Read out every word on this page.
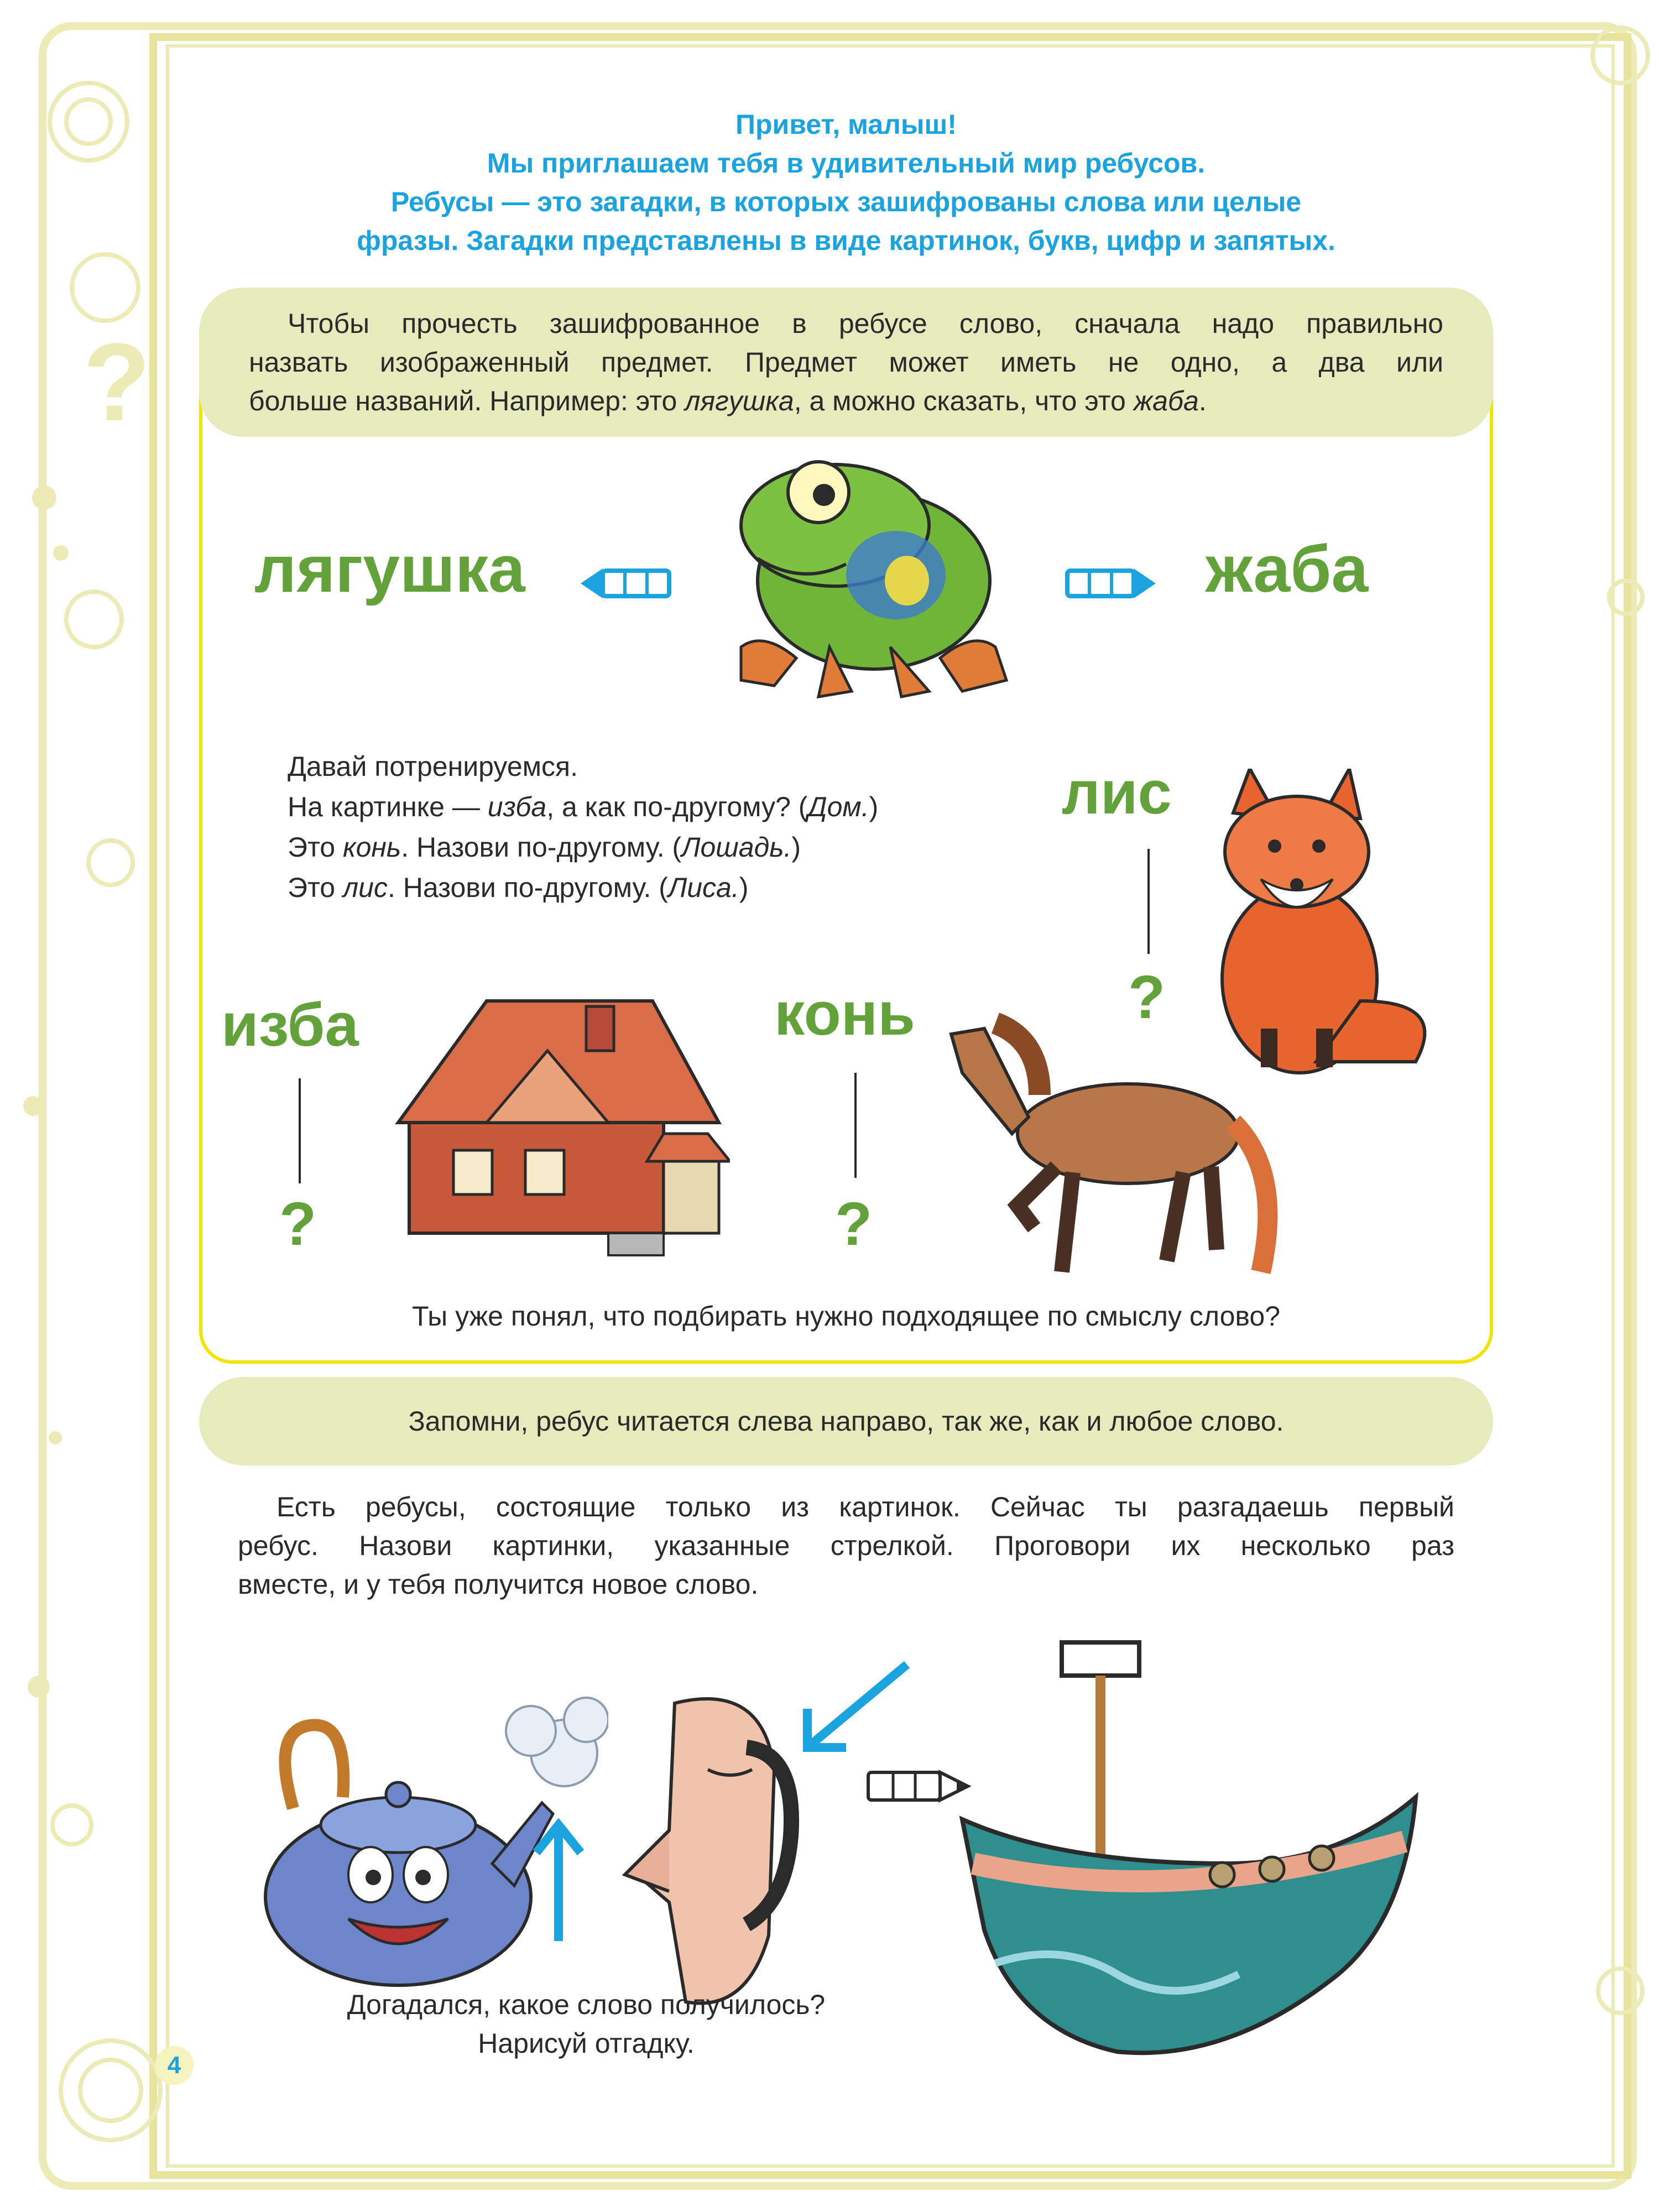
?
Привет, малыш!
Мы приглашаем тебя в удивительный мир ребусов.
Ребусы — это загадки, в которых зашифрованы слова или целые
фразы. Загадки представлены в виде картинок, букв, цифр и запятых.
Чтобы прочесть зашифрованное в ребусе слово, сначала надо правильно
назвать изображенный предмет. Предмет может иметь не одно, а два или
больше названий. Например: это лягушка, а можно сказать, что это жаба.
лягушка	жаба
Давай потренируемся.
На картинке — изба, а как по-другому? (Дом.)
Это конь. Назови по-другому. (Лошадь.)
Это лис. Назови по-другому. (Лиса.)
изба
?
конь
?
лис
?
Ты уже понял, что подбирать нужно подходящее по смыслу слово?
Запомни, ребус читается слева направо, так же, как и любое слово.
Есть ребусы, состоящие только из картинок. Сейчас ты разгадаешь первый
ребус. Назови картинки, указанные стрелкой. Проговори их несколько раз
вместе, и у тебя получится новое слово.
Догадался, какое слово получилось?
Нарисуй отгадку.
4
